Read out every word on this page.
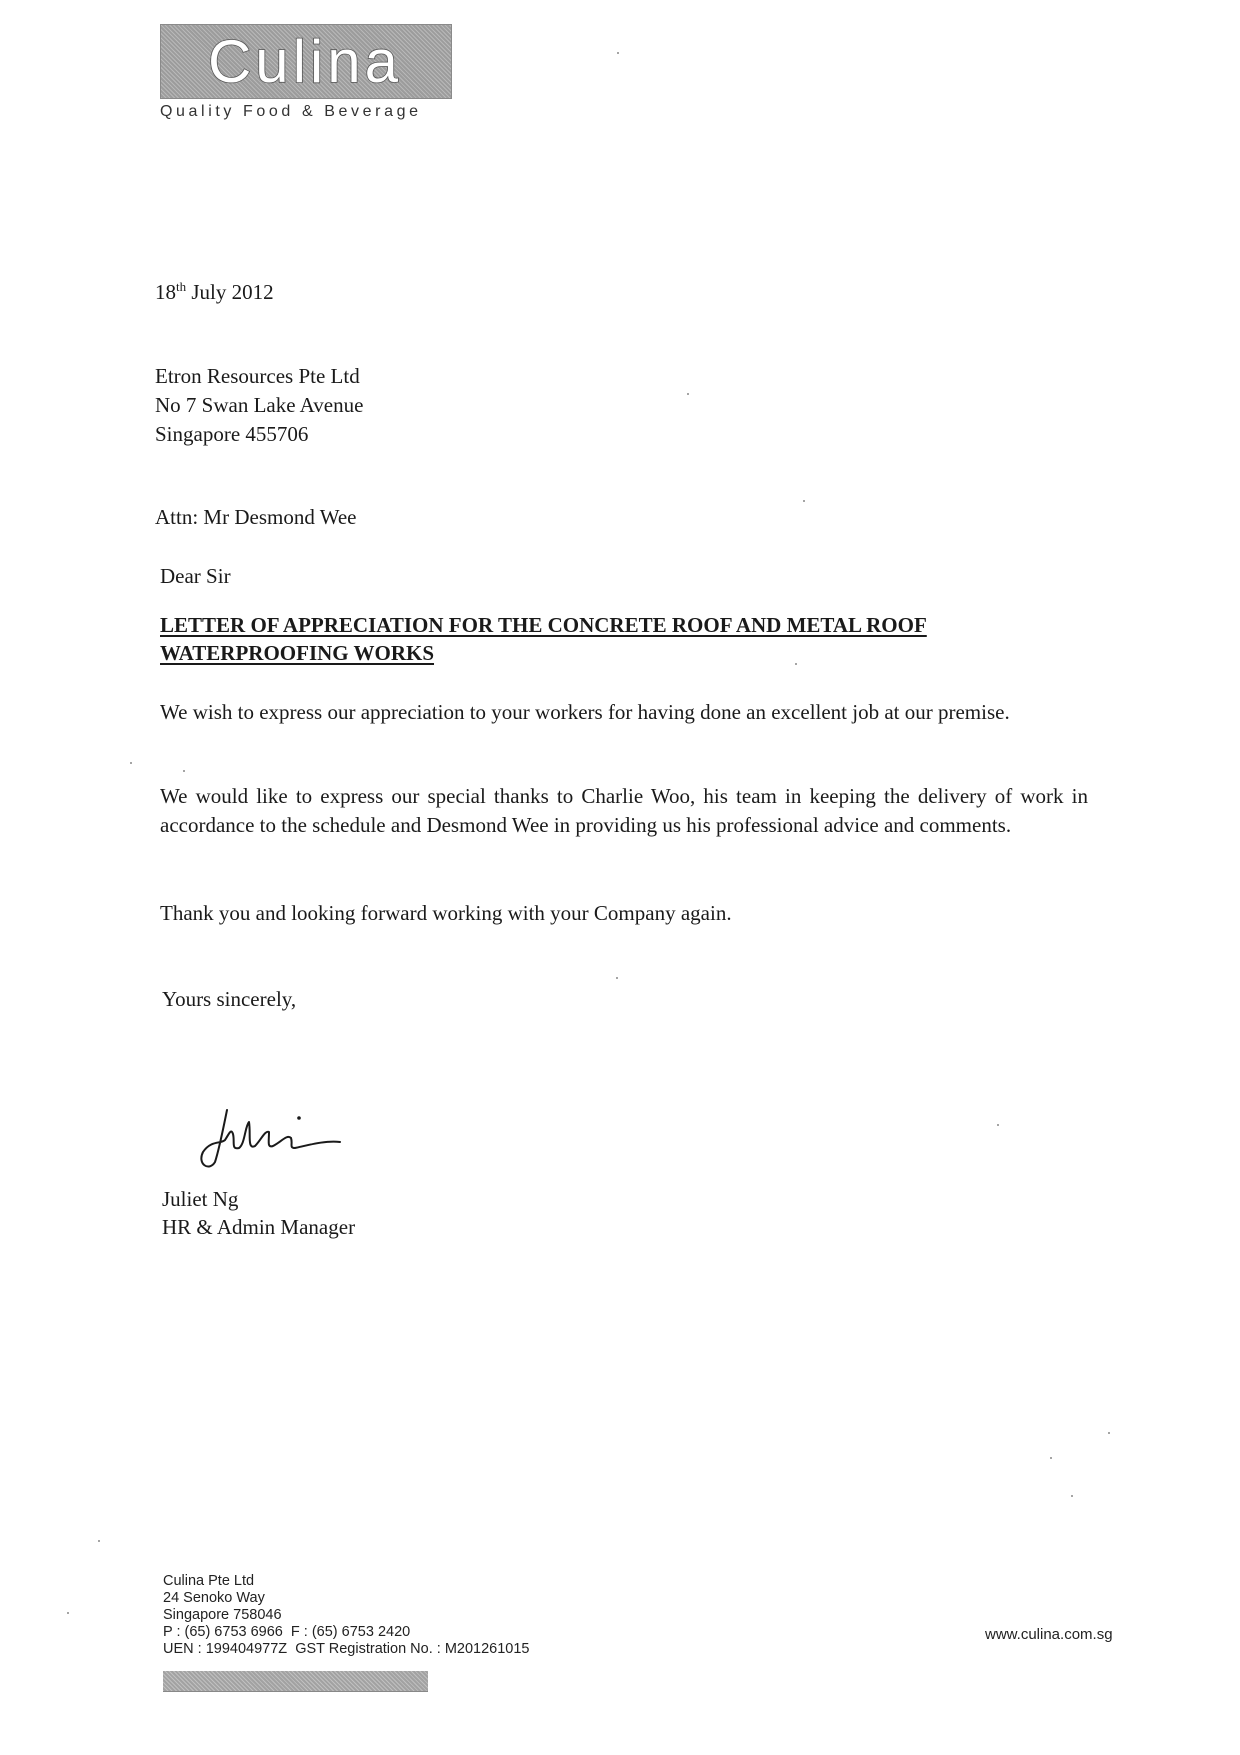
Culina
Quality Food & Beverage
18th July 2012
Etron Resources Pte Ltd
No 7 Swan Lake Avenue
Singapore 455706
Attn: Mr Desmond Wee
Dear Sir
LETTER OF APPRECIATION FOR THE CONCRETE ROOF AND METAL ROOF WATERPROOFING WORKS
We wish to express our appreciation to your workers for having done an excellent job at our premise.
We would like to express our special thanks to Charlie Woo, his team in keeping the delivery of work in accordance to the schedule and Desmond Wee in providing us his professional advice and comments.
Thank you and looking forward working with your Company again.
Yours sincerely,
Juliet Ng
HR & Admin Manager
Culina Pte Ltd
24 Senoko Way
Singapore 758046
P : (65) 6753 6966  F : (65) 6753 2420
UEN : 199404977Z  GST Registration No. : M201261015
www.culina.com.sg
